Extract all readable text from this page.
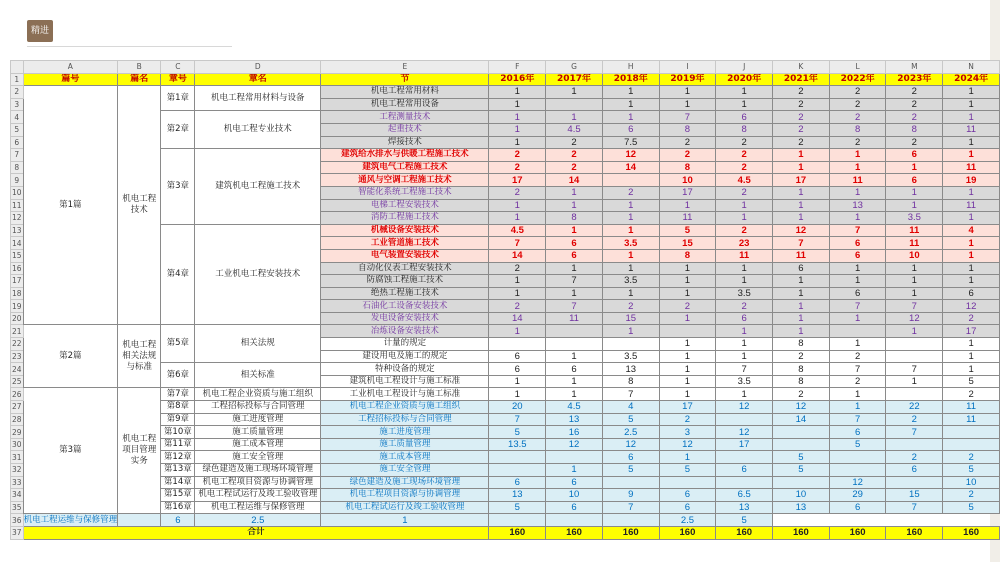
精进
	A	B	C	D	E	F	G	H	I	J	K	L	M	N
1	篇号	篇名	章号	章名	节	2016年	2017年	2018年	2019年	2020年	2021年	2022年	2023年	2024年
2	第1篇	机电工程技术	第1章	机电工程常用材料与设备	机电工程常用材料	1	1	1	1	1	2	2	2	1
3					机电工程常用设备	1		1	1	1	2	2	2	1
4			第2章	机电工程专业技术	工程测量技术	1	1	1	7	6	2	2	2	1
5					起重技术	1	4.5	6	8	8	2	8	8	11
6					焊接技术	1	2	7.5	2	2	2	2	2	1
7			第3章	建筑机电工程施工技术	建筑给水排水与供暖工程施工技术	2	2	12	2	2	1	1	6	1
8					建筑电气工程施工技术	2	2	14	8	2	1	1	1	11
9					通风与空调工程施工技术	17	14		10	4.5	17	11	6	19
10					智能化系统工程施工技术	2	1	2	17	2	1	1	1	1
11					电梯工程安装技术	1	1	1	1	1	1	13	1	11
12					消防工程施工技术	1	8	1	11	1	1	1	3.5	1
13			第4章	工业机电工程安装技术	机械设备安装技术	4.5	1	1	5	2	12	7	11	4
14					工业管道施工技术	7	6	3.5	15	23	7	6	11	1
15					电气装置安装技术	14	6	1	8	11	11	6	10	1
16					自动化仪表工程安装技术	2	1	1	1	1	6	1	1	1
17					防腐蚀工程施工技术	1	7	3.5	1	1	1	1	1	1
18					绝热工程施工技术	1	1	1	1	3.5	1	6	1	6
19					石油化工设备安装技术	2	7	2	2	2	1	7	7	12
20					发电设备安装技术	14	11	15	1	6	1	1	12	2
21	第2篇	机电工程相关法规与标准	第5章	相关法规	冶炼设备安装技术	1		1		1	1		1	17
22					计量的规定				1	1	8	1		1
23					建设用电及施工的规定	6	1	3.5	1	1	2	2		1
24			第6章	相关标准	特种设备的规定	6	6	13	1	7	8	7	7	1
25					建筑机电工程设计与施工标准	1	1	8	1	3.5	8	2	1	5
26	第3篇	机电工程项目管理实务	第7章	机电工程企业资质与施工组织	工业机电工程设计与施工标准	1	1	7	1	1	2	1		2
27			第8章	工程招标投标与合同管理	机电工程企业资质与施工组织	20	4.5	4	17	12	12	1	22	11
28			第9章	施工进度管理	工程招标投标与合同管理	7	13	5	2		14	7	2	11
29			第10章	施工质量管理	施工进度管理	5	16	2.5	3	12		6	7	
30			第11章	施工成本管理	施工质量管理	13.5	12	12	12	17		5		
31			第12章	施工安全管理	施工成本管理			6	1		5		2	2
32			第13章	绿色建造及施工现场环境管理	施工安全管理		1	5	5	6	5		6	5
33			第14章	机电工程项目资源与协调管理	绿色建造及施工现场环境管理	6	6					12		10
34			第15章	机电工程试运行及竣工验收管理	机电工程项目资源与协调管理	13	10	9	6	6.5	10	29	15	2
35			第16章	机电工程运维与保修管理	机电工程试运行及竣工验收管理	5	6	7	6	13	13	6	7	5
36	机电工程运维与保修管理		6	2.5	1				2.5	5				
37	合计					160	160	160	160	160	160	160	160	160
